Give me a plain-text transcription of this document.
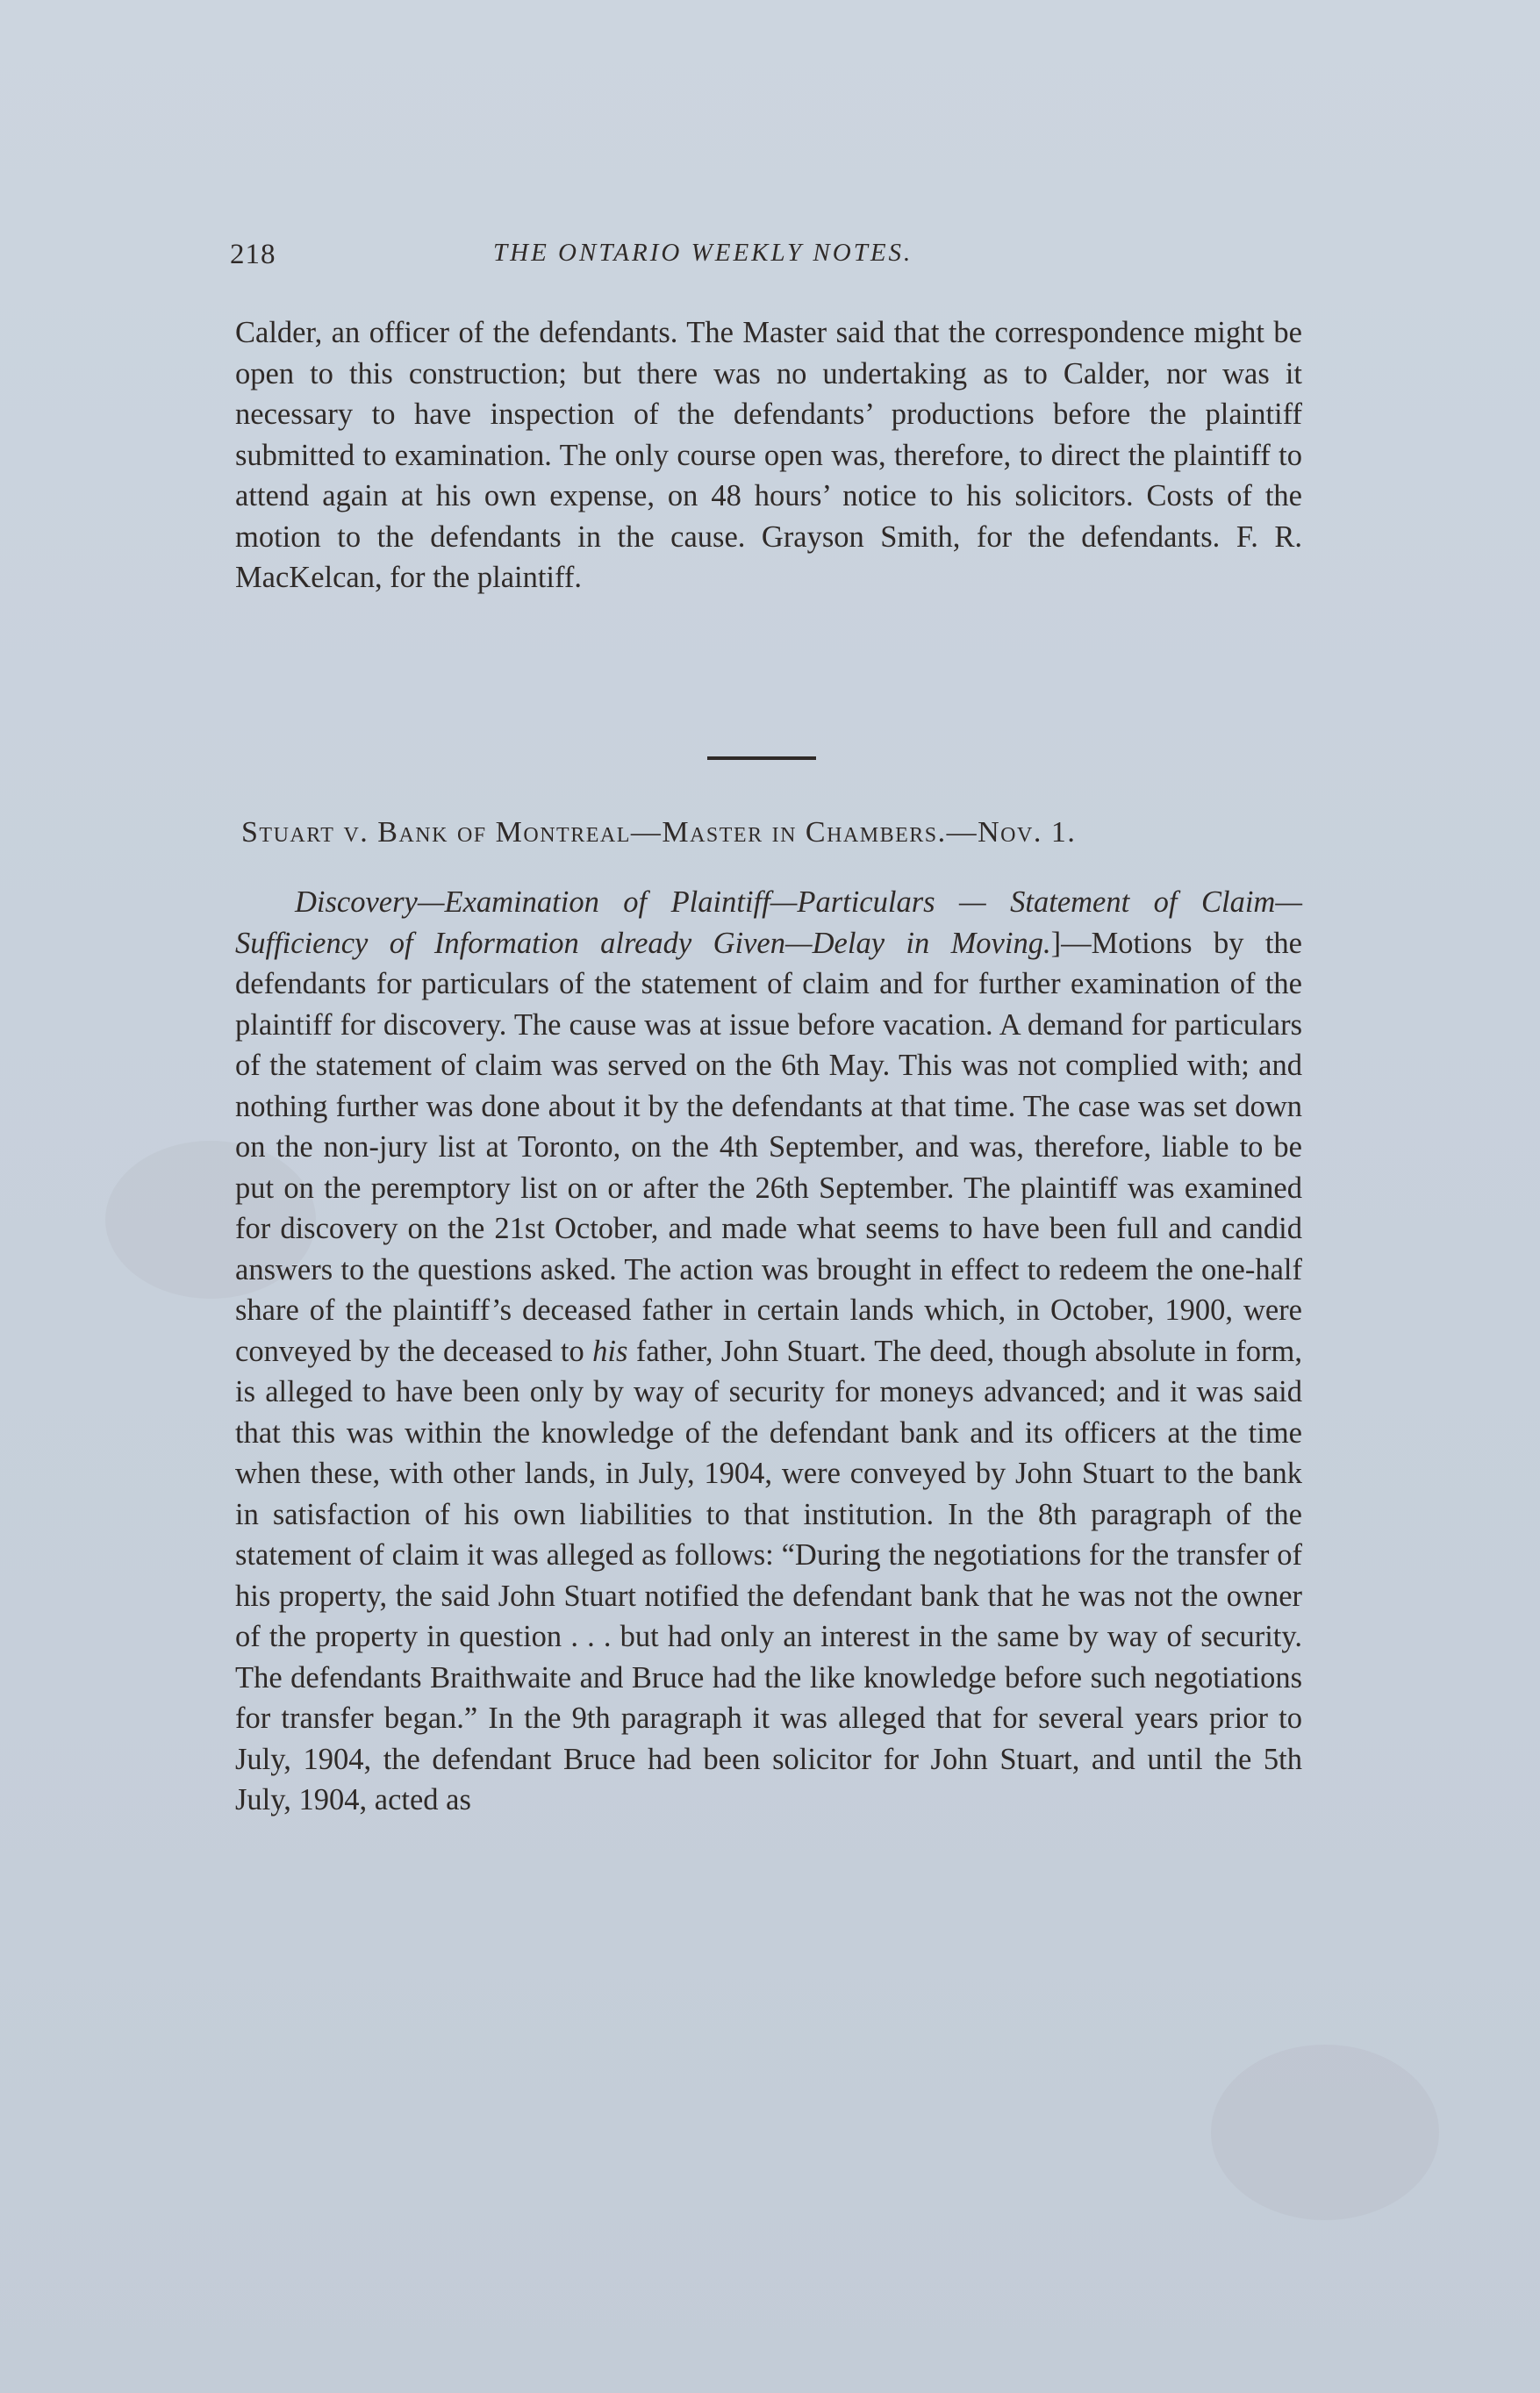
218	THE ONTARIO WEEKLY NOTES.

Calder, an officer of the defendants. The Master said that the correspondence might be open to this construction; but there was no undertaking as to Calder, nor was it necessary to have inspection of the defendants’ productions before the plaintiff submitted to examination. The only course open was, therefore, to direct the plaintiff to attend again at his own expense, on 48 hours’ notice to his solicitors. Costs of the motion to the defendants in the cause. Grayson Smith, for the defendants. F. R. MacKelcan, for the plaintiff.

Stuart v. Bank of Montreal—Master in Chambers.—Nov. 1.

Discovery—Examination of Plaintiff—Particulars — Statement of Claim—Sufficiency of Information already Given—Delay in Moving.]—Motions by the defendants for particulars of the statement of claim and for further examination of the plaintiff for discovery. The cause was at issue before vacation. A demand for particulars of the statement of claim was served on the 6th May. This was not complied with; and nothing further was done about it by the defendants at that time. The case was set down on the non-jury list at Toronto, on the 4th September, and was, therefore, liable to be put on the peremptory list on or after the 26th September. The plaintiff was examined for discovery on the 21st October, and made what seems to have been full and candid answers to the questions asked. The action was brought in effect to redeem the one-half share of the plaintiff’s deceased father in certain lands which, in October, 1900, were conveyed by the deceased to his father, John Stuart. The deed, though absolute in form, is alleged to have been only by way of security for moneys advanced; and it was said that this was within the knowledge of the defendant bank and its officers at the time when these, with other lands, in July, 1904, were conveyed by John Stuart to the bank in satisfaction of his own liabilities to that institution. In the 8th paragraph of the statement of claim it was alleged as follows: “During the negotiations for the transfer of his property, the said John Stuart notified the defendant bank that he was not the owner of the property in question . . . but had only an interest in the same by way of security. The defendants Braithwaite and Bruce had the like knowledge before such negotiations for transfer began.” In the 9th paragraph it was alleged that for several years prior to July, 1904, the defendant Bruce had been solicitor for John Stuart, and until the 5th July, 1904, acted as
